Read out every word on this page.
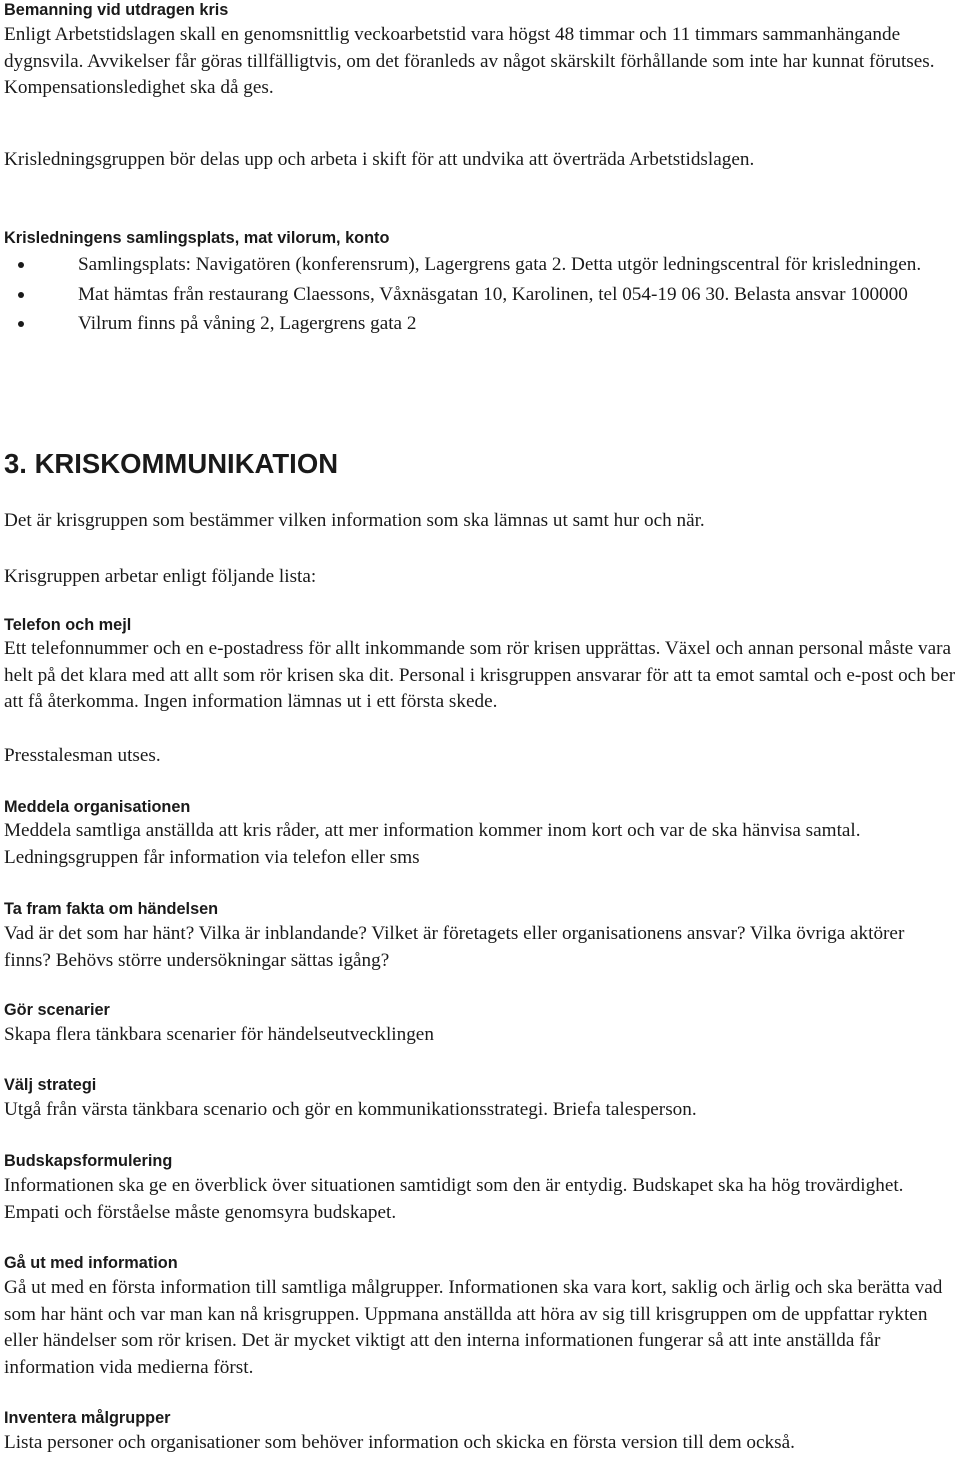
Bemanning vid utdragen kris

Enligt Arbetstidslagen skall en genomsnittlig veckoarbetstid vara högst 48 timmar och 11 timmars sammanhängande dygnsvila. Avvikelser får göras tillfälligtvis, om det föranleds av något skärskilt förhållande som inte har kunnat förutses. Kompensationsledighet ska då ges.

Krisledningsgruppen bör delas upp och arbeta i skift för att undvika att överträda Arbetstidslagen.

Krisledningens samlingsplats, mat vilorum, konto
Samlingsplats: Navigatören (konferensrum), Lagergrens gata 2. Detta utgör ledningscentral för krisledningen.
Mat hämtas från restaurang Claessons, Våxnäsgatan 10, Karolinen, tel 054-19 06 30. Belasta ansvar 100000
Vilrum finns på våning 2, Lagergrens gata 2
3. KRISKOMMUNIKATION

Det är krisgruppen som bestämmer vilken information som ska lämnas ut samt hur och när.

Krisgruppen arbetar enligt följande lista:

Telefon och mejl

Ett telefonnummer och en e-postadress för allt inkommande som rör krisen upprättas. Växel och annan personal måste vara helt på det klara med att allt som rör krisen ska dit. Personal i krisgruppen ansvarar för att ta emot samtal och e-post och ber att få återkomma. Ingen information lämnas ut i ett första skede.

Presstalesman utses.

Meddela organisationen

Meddela samtliga anställda att kris råder, att mer information kommer inom kort och var de ska hänvisa samtal. Ledningsgruppen får information via telefon eller sms

Ta fram fakta om händelsen

Vad är det som har hänt? Vilka är inblandande? Vilket är företagets eller organisationens ansvar? Vilka övriga aktörer finns? Behövs större undersökningar sättas igång?

Gör scenarier

Skapa flera tänkbara scenarier för händelseutvecklingen

Välj strategi

Utgå från värsta tänkbara scenario och gör en kommunikationsstrategi. Briefa talesperson.

Budskapsformulering

Informationen ska ge en överblick över situationen samtidigt som den är entydig. Budskapet ska ha hög trovärdighet. Empati och förståelse måste genomsyra budskapet.

Gå ut med information

Gå ut med en första information till samtliga målgrupper. Informationen ska vara kort, saklig och ärlig och ska berätta vad som har hänt och var man kan nå krisgruppen. Uppmana anställda att höra av sig till krisgruppen om de uppfattar rykten eller händelser som rör krisen. Det är mycket viktigt att den interna informationen fungerar så att inte anställda får information vida medierna först.

Inventera målgrupper

Lista personer och organisationer som behöver information och skicka en första version till dem också.
